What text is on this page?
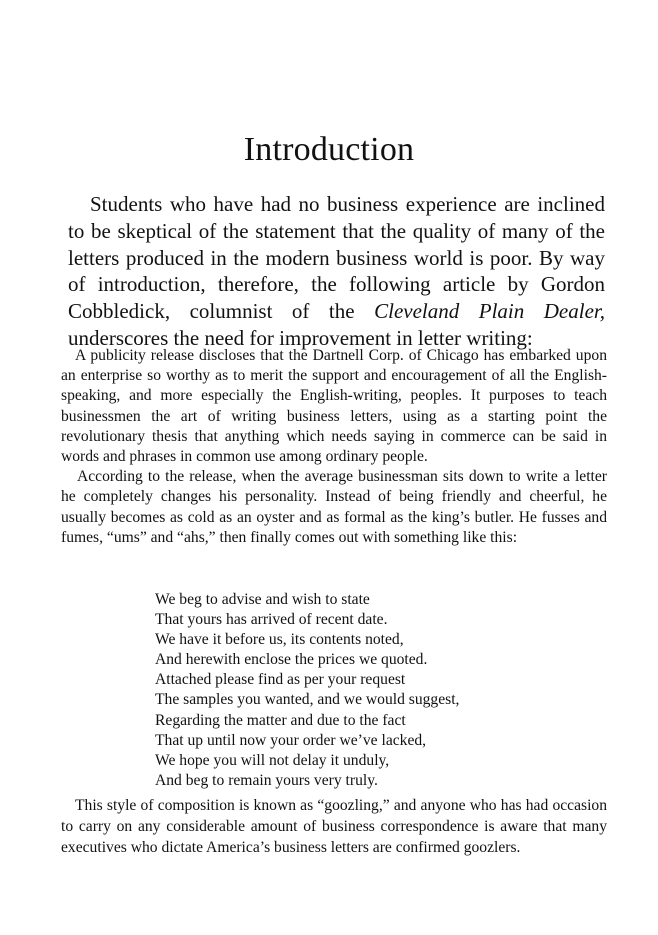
Introduction

Students who have had no business experience are inclined to be skeptical of the statement that the quality of many of the letters produced in the modern business world is poor. By way of introduction, therefore, the following article by Gordon Cobbledick, columnist of the Cleveland Plain Dealer, underscores the need for improvement in letter writing:

A publicity release discloses that the Dartnell Corp. of Chicago has embarked upon an enterprise so worthy as to merit the support and encouragement of all the English-speaking, and more especially the English-writing, peoples. It purposes to teach businessmen the art of writing business letters, using as a starting point the revolutionary thesis that anything which needs saying in commerce can be said in words and phrases in common use among ordinary people.

According to the release, when the average businessman sits down to write a letter he completely changes his personality. Instead of being friendly and cheerful, he usually becomes as cold as an oyster and as formal as the king’s butler. He fusses and fumes, “ums” and “ahs,” then finally comes out with something like this:

We beg to advise and wish to state
That yours has arrived of recent date.
We have it before us, its contents noted,
And herewith enclose the prices we quoted.
Attached please find as per your request
The samples you wanted, and we would suggest,
Regarding the matter and due to the fact
That up until now your order we’ve lacked,
We hope you will not delay it unduly,
And beg to remain yours very truly.

This style of composition is known as “goozling,” and anyone who has had occasion to carry on any considerable amount of business correspondence is aware that many executives who dictate America’s business letters are confirmed goozlers.
